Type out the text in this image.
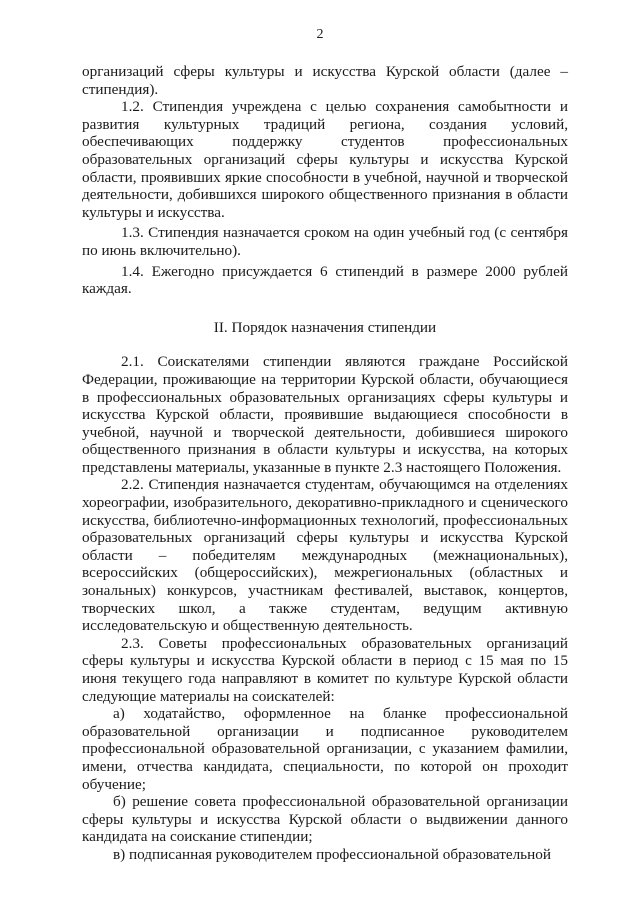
2

организаций сферы культуры и искусства Курской области (далее – стипендия).

1.2. Стипендия учреждена с целью сохранения самобытности и развития культурных традиций региона, создания условий, обеспечивающих поддержку студентов профессиональных образовательных организаций сферы культуры и искусства Курской области, проявивших яркие способности в учебной, научной и творческой деятельности, добившихся широкого общественного признания в области культуры и искусства.

1.3. Стипендия назначается сроком на один учебный год (с сентября по июнь включительно).

1.4. Ежегодно присуждается 6 стипендий в размере 2000 рублей каждая.

II. Порядок назначения стипендии

2.1. Соискателями стипендии являются граждане Российской Федерации, проживающие на территории Курской области, обучающиеся в профессиональных образовательных организациях сферы культуры и искусства Курской области, проявившие выдающиеся способности в учебной, научной и творческой деятельности, добившиеся широкого общественного признания в области культуры и искусства, на которых представлены материалы, указанные в пункте 2.3 настоящего Положения.

2.2. Стипендия назначается студентам, обучающимся на отделениях хореографии, изобразительного, декоративно-прикладного и сценического искусства, библиотечно-информационных технологий, профессиональных образовательных организаций сферы культуры и искусства Курской области – победителям международных (межнациональных), всероссийских (общероссийских), межрегиональных (областных и зональных) конкурсов, участникам фестивалей, выставок, концертов, творческих школ, а также студентам, ведущим активную исследовательскую и общественную деятельность.

2.3. Советы профессиональных образовательных организаций сферы культуры и искусства Курской области в период с 15 мая по 15 июня текущего года направляют в комитет по культуре Курской области следующие материалы на соискателей:

а) ходатайство, оформленное на бланке профессиональной образовательной организации и подписанное руководителем профессиональной образовательной организации, с указанием фамилии, имени, отчества кандидата, специальности, по которой он проходит обучение;

б) решение совета профессиональной образовательной организации сферы культуры и искусства Курской области о выдвижении данного кандидата на соискание стипендии;

в) подписанная руководителем профессиональной образовательной
